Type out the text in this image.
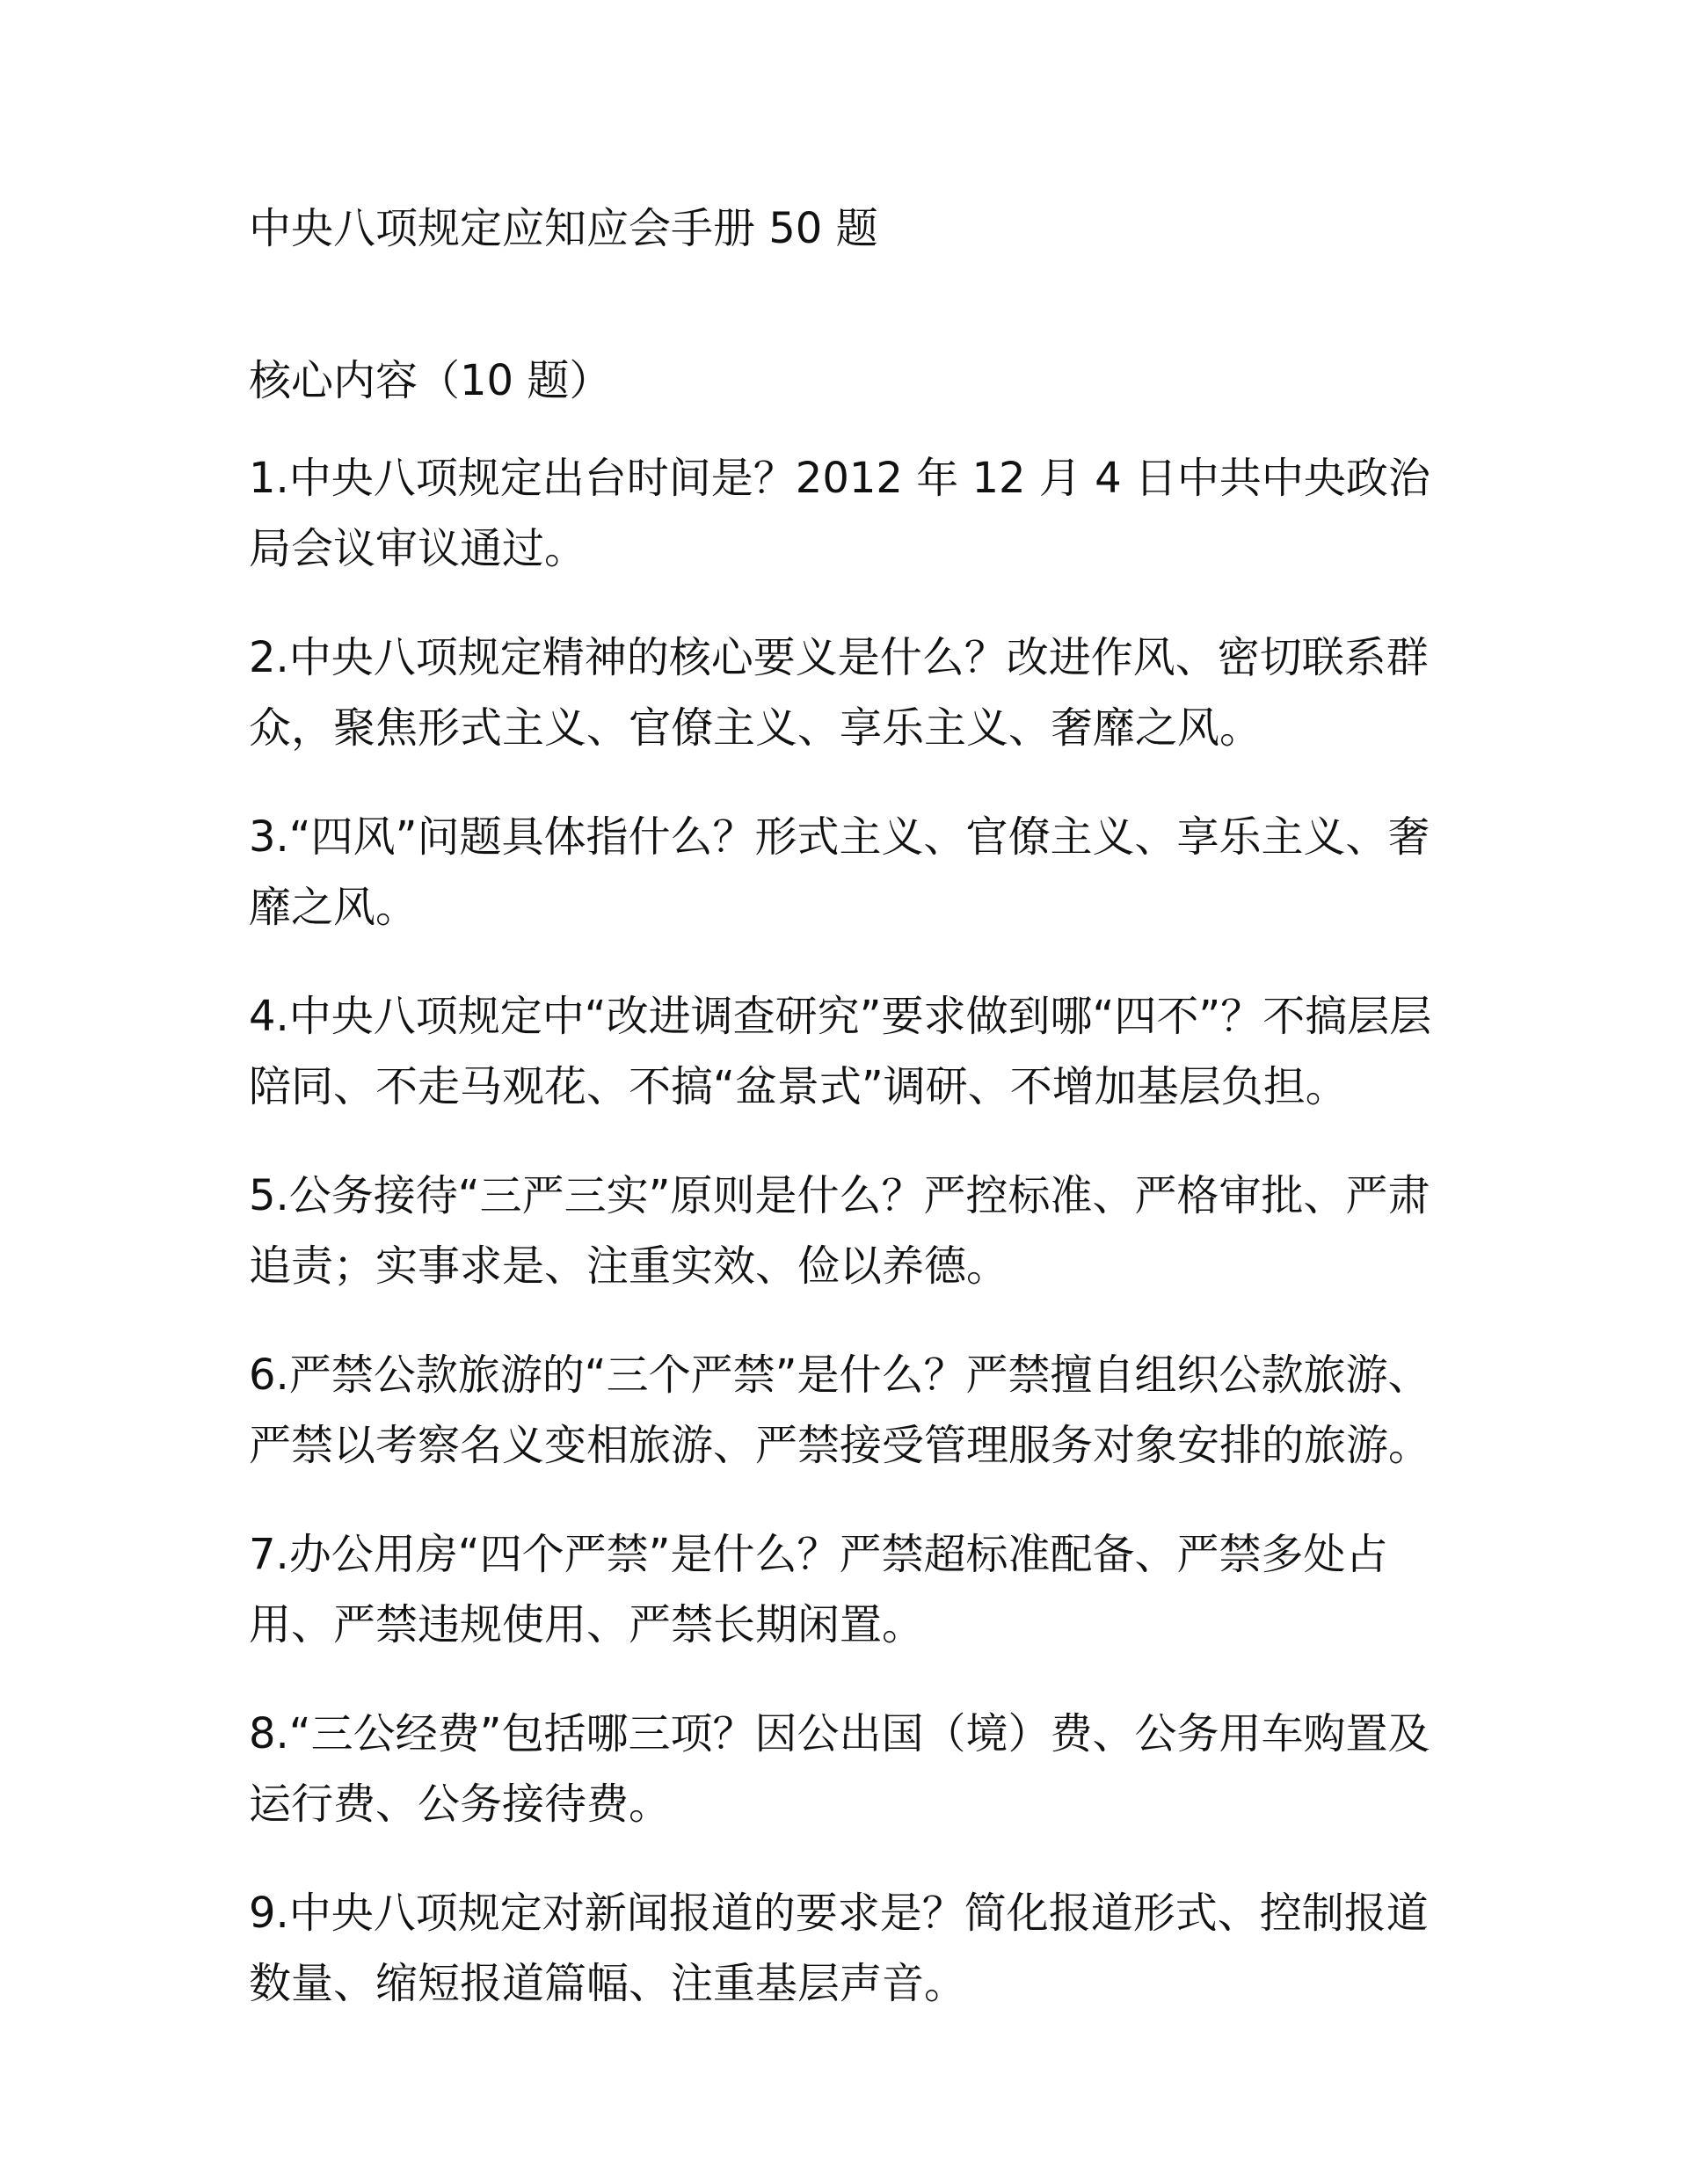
中央八项规定应知应会手册 50 题
核心内容（10 题）

1.中央八项规定出台时间是？2012 年 12 月 4 日中共中央政治局会议审议通过。

2.中央八项规定精神的核心要义是什么？改进作风、密切联系群众，聚焦形式主义、官僚主义、享乐主义、奢靡之风。

3.“四风”问题具体指什么？形式主义、官僚主义、享乐主义、奢靡之风。

4.中央八项规定中“改进调查研究”要求做到哪“四不”？不搞层层陪同、不走马观花、不搞“盆景式”调研、不增加基层负担。

5.公务接待“三严三实”原则是什么？严控标准、严格审批、严肃追责；实事求是、注重实效、俭以养德。

6.严禁公款旅游的“三个严禁”是什么？严禁擅自组织公款旅游、严禁以考察名义变相旅游、严禁接受管理服务对象安排的旅游。

7.办公用房“四个严禁”是什么？严禁超标准配备、严禁多处占用、严禁违规使用、严禁长期闲置。

8.“三公经费”包括哪三项？因公出国（境）费、公务用车购置及运行费、公务接待费。

9.中央八项规定对新闻报道的要求是？简化报道形式、控制报道数量、缩短报道篇幅、注重基层声音。
